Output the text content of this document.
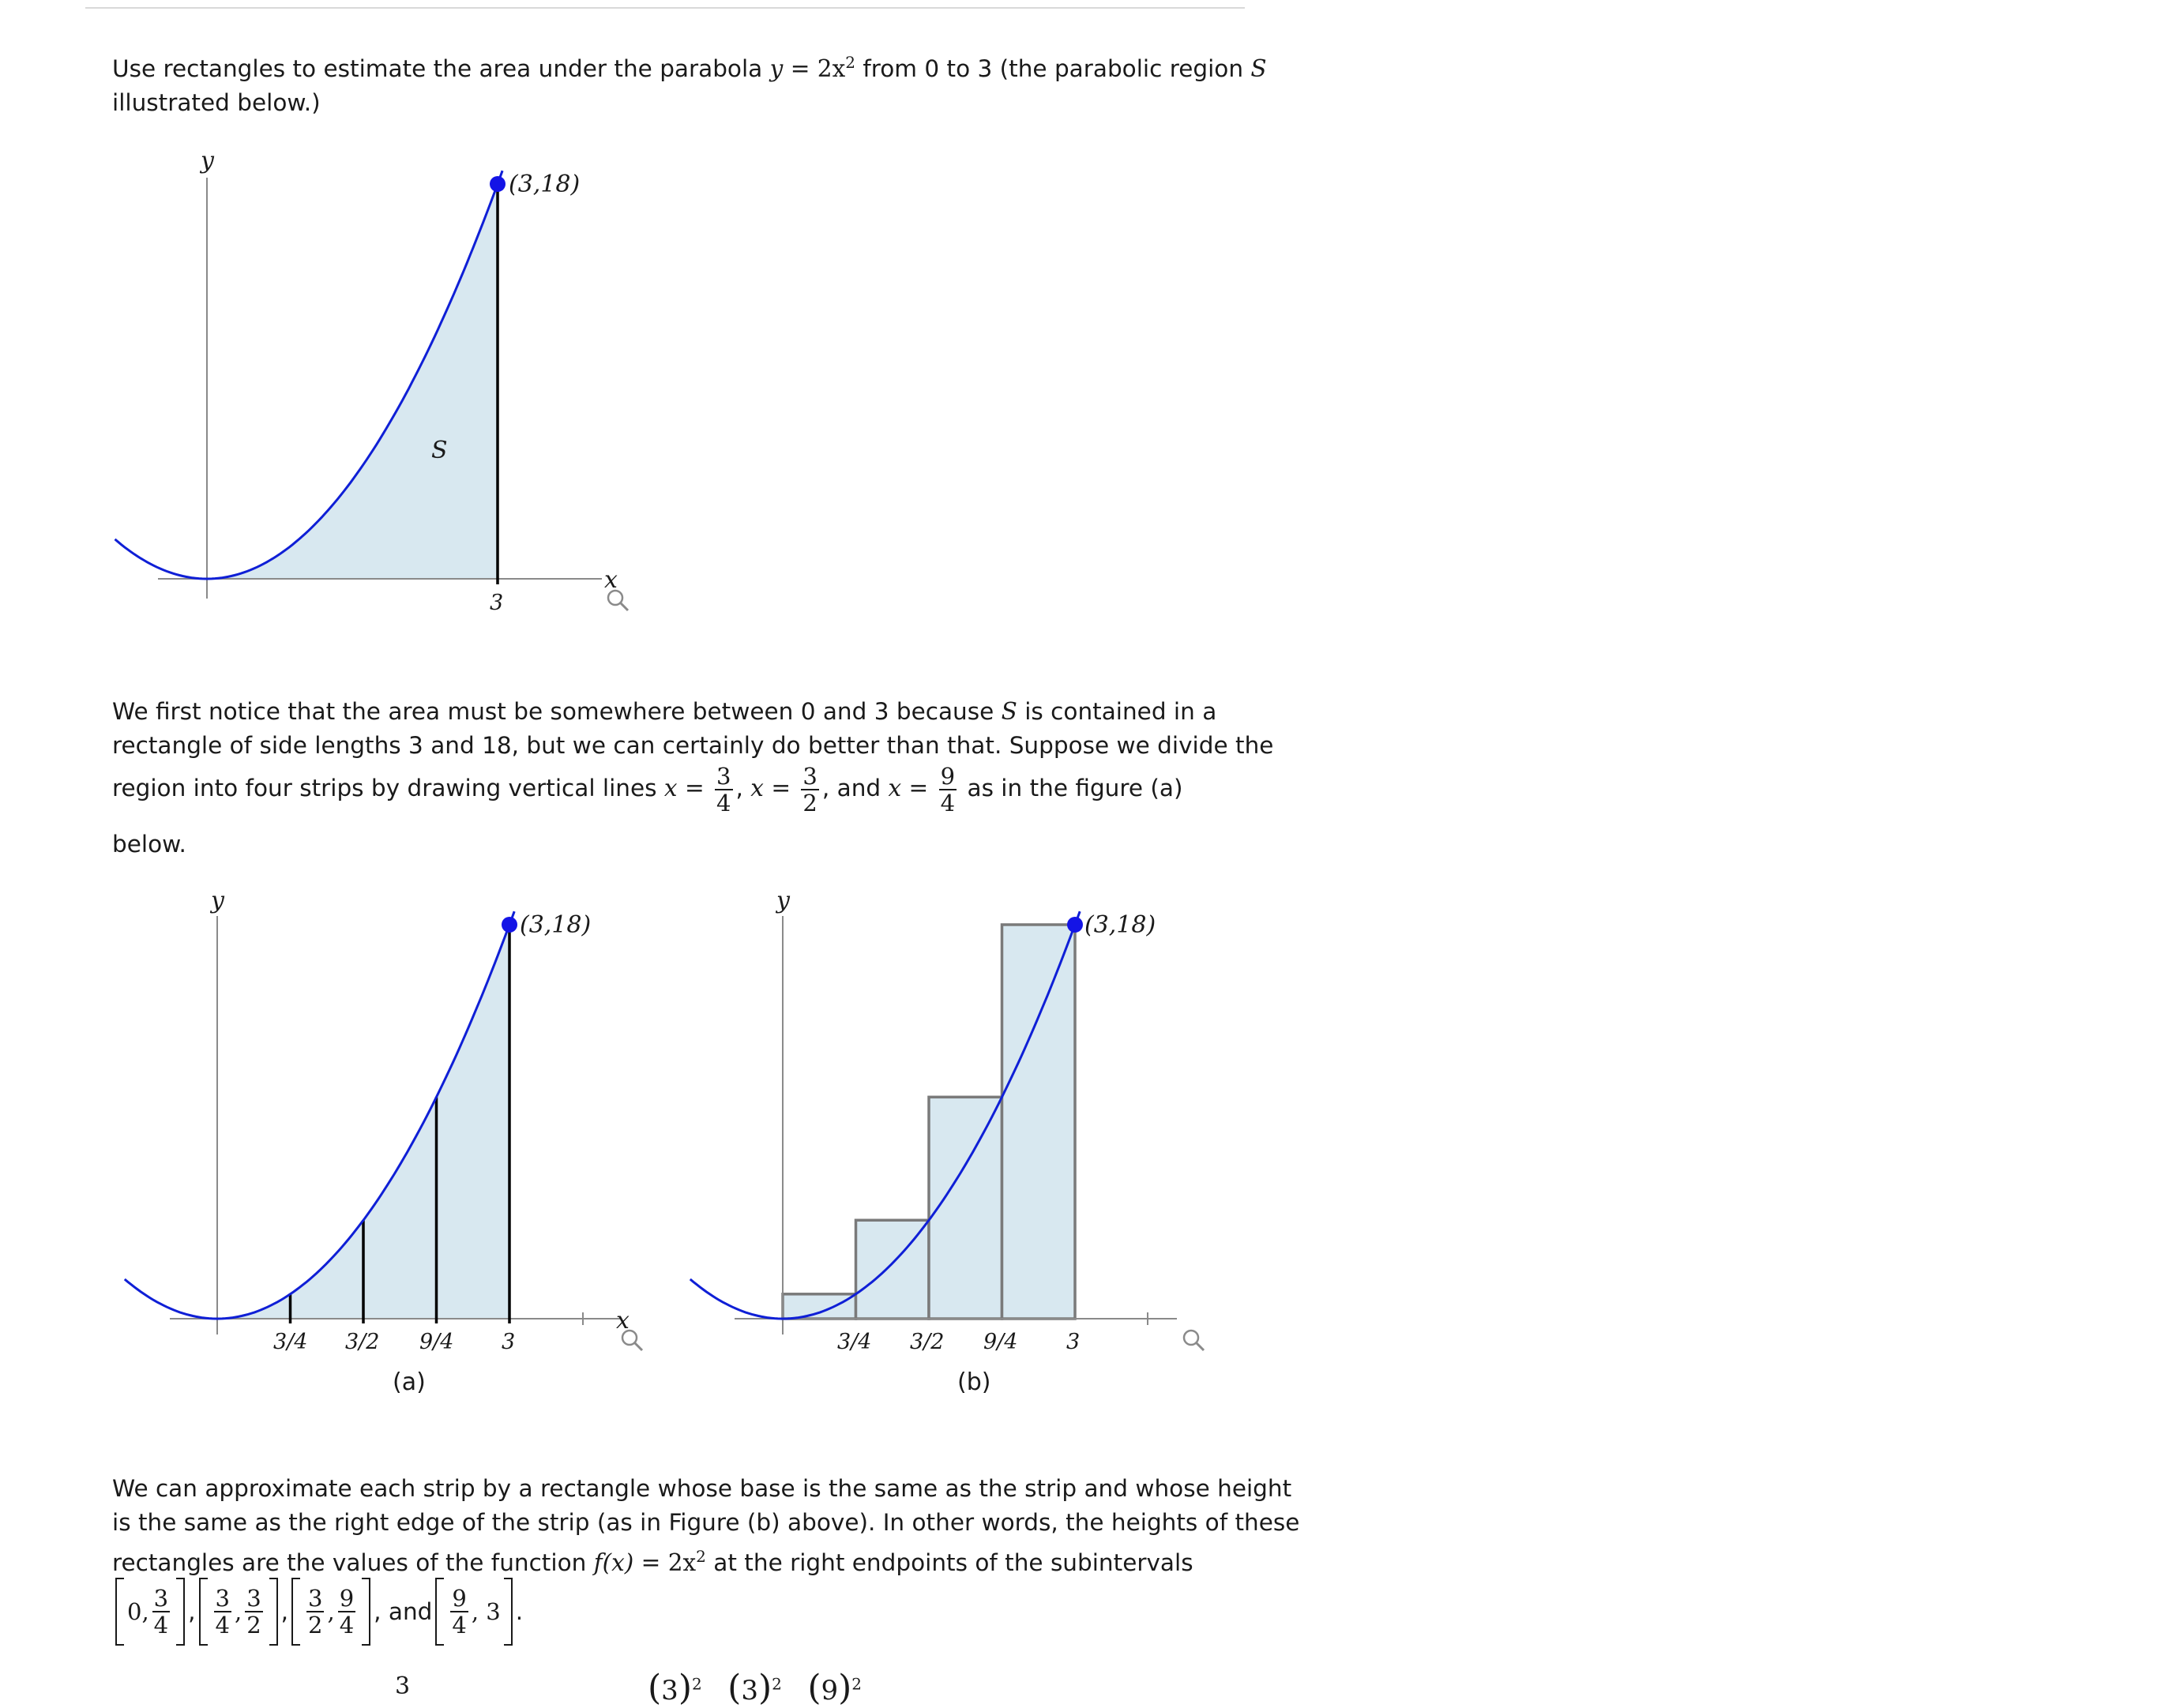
Use rectangles to estimate the area under the parabola $y = 2x^2$ from 0 to 3 (the parabolic region S
illustrated below.)
y
x
(3,18)
S
3
We first notice that the area must be somewhere between 0 and 3 because S is contained in a
rectangle of side lengths 3 and 18, but we can certainly do better than that. Suppose we divide the
region into four strips by drawing vertical lines $x = \frac{3}{4}$ , $x = \frac{3}{2}$ , and $x = \frac{9}{4}$ as in the figure (a)
below.
y
x
(3,18)
3/4 3/2 9/4 3
(a)
y
(3,18)
3/4 3/2 9/4 3
(b)
We can approximate each strip by a rectangle whose base is the same as the strip and whose height
is the same as the right edge of the strip (as in Figure (b) above). In other words, the heights of these
rectangles are the values of the function $f(x) = 2x^2$ at the right endpoints of the subintervals
0, $\frac{3}{4}$ , $\frac{3}{4}$ , $\frac{3}{2}$ , $\frac{3}{2}$ , $\frac{9}{4}$ , and $\frac{9}{4}$ , 3 .
3	$(3)^2$ $(3)^2$ $(9)^2$
